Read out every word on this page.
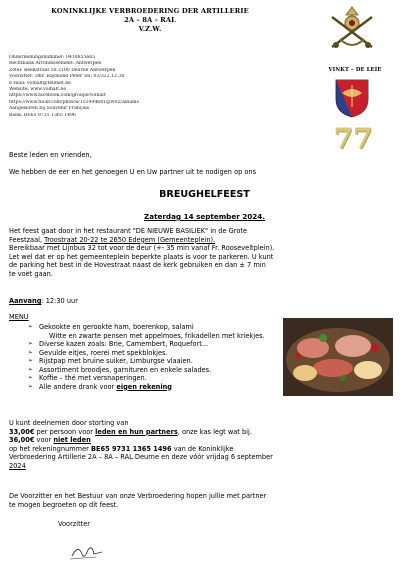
KONINKLIJKE VERBROEDERING DER ARTILLERIE
2A – 8A - RAL
V.Z.W.
VINKT – DE LEIE
Ondernemingsnummer: 0410855665
Rechtbank Arrondissement: Antwerpen
Zetel: Beekstraat 50 2100 Deurne Antwerpen
Voorzitter: Dhr. Raymond Peter Tel: 03/322.12.38
E-mail: volhalt@telenet.be
Website: www.volhalt.be
https://www.facebook.com/groups/volhalt
https://www.flickr.com/photos/151494681@N05/albums
Aangesloten bij Souvenir Français
Bank: BE65 9731 1365 1496
77
Beste leden en vrienden,
We hebben de eer en het genoegen U en Uw partner uit te nodigen op ons
BREUGHELFEEST
Zaterdag 14 september 2024.
Het feest gaat door in het restaurant "DE NIEUWE BASILIEK" in de Grote
Feestzaal, Troostraat 20-22 te 2650 Edegem (Gemeenteplein).
Bereikbaar met Lijnbus 32 tot voor de deur (+- 35 min vanaf Fr. Rooseveltplein).
Let wel dat er op het gemeenteplein beperkte plaats is voor te parkeren. U kunt
de parking het best in de Hovestraat naast de kerk gebruiken en dan ± 7 min
te voet gaan.
Aanvang: 12:30 uur
MENU
➢ Gekookte en gerookte ham, boerenkop, salami
Witte en zwarte pensen met appelmoes, frikadellen met kriekjes.
➢ Diverse kazen zoals: Brie, Camembert, Roquefort...
➢ Gevulde eitjes, roerei met spekblokjes.
➢ Rijstpap met bruine suiker, Limburgse vlaaien.
➢ Assortiment broodjes, garnituren en enkele salades.
➢ Koffie – thé met versnaperingen.
➢ Alle andere drank voor eigen rekening
U kunt deelnemen door storting van
33,00€ per persoon voor leden en hun partners, onze kas legt wat bij.
36,00€ voor niet leden
op het rekeningnummer BE65 9731 1365 1496 van de Koninklijke
Verbroedering Artillerie 2A – 8A – RAL Deurne en deze vóór vrijdag 6 september
2024
De Voorzitter en het Bestuur van onze Verbroedering hopen jullie met partner
te mogen begroeten op dit feest.
Voorzitter
